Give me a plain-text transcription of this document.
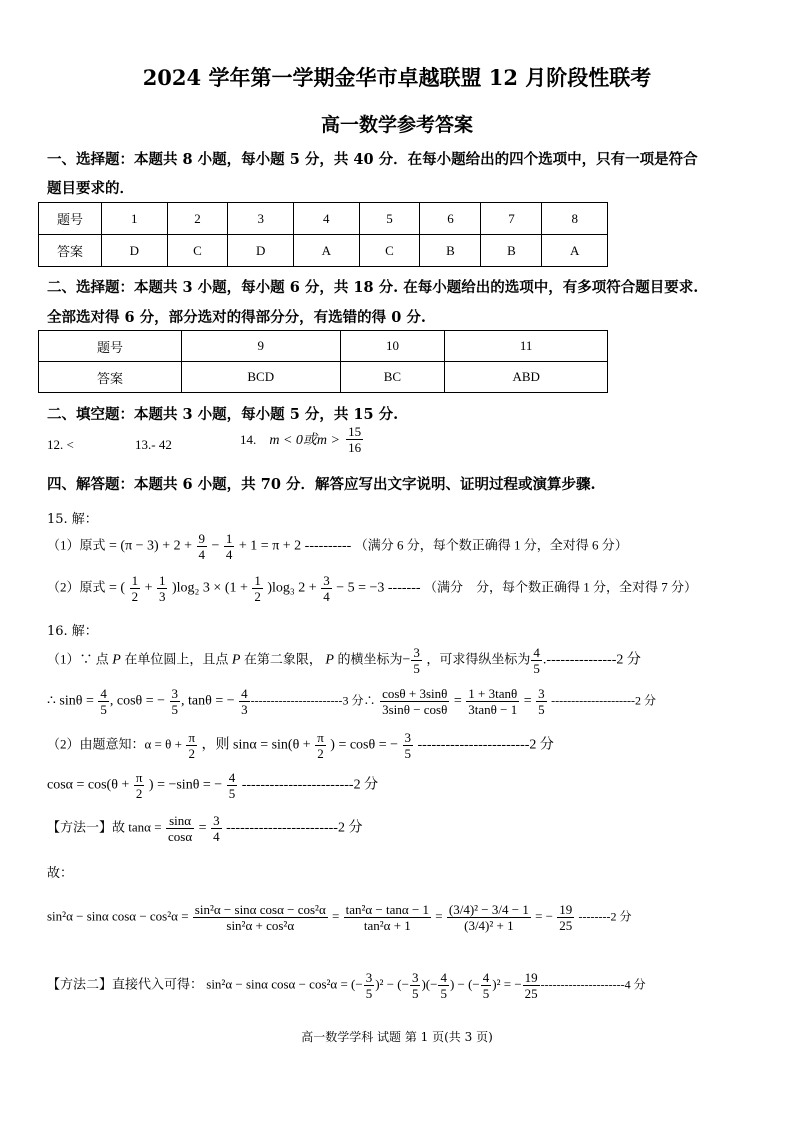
2024 学年第一学期金华市卓越联盟 12 月阶段性联考
高一数学参考答案
一、选择题：本题共 8 小题，每小题 5 分，共 40 分．在每小题给出的四个选项中，只有一项是符合
题目要求的．
题号	1	2	3	4	5	6	7	8
答案	D	C	D	A	C	B	B	A
二、选择题：本题共 3 小题，每小题 6 分，共 18 分. 在每小题给出的选项中，有多项符合题目要求.
全部选对得 6 分，部分选对的得部分分，有选错的得 0 分.
题号	9	10	11
答案	BCD	BC	ABD
二、填空题：本题共 3 小题，每小题 5 分，共 15 分.
12. <	13.- 42	14. m < 0或$m > \frac{15}{16}$
四、解答题：本题共 6 小题，共 70 分．解答应写出文字说明、证明过程或演算步骤.
15. 解：
（1）原式 = $(\pi - 3) + 2 + \frac{9}{4} - \frac{1}{4} + 1 = \pi + 2$ ---------- （满分 6 分，每个数正确得 1 分，全对得 6 分）
（2）原式 = ( $\frac{1}{2} + \frac{1}{3} )\log_2$ $3 \times (1 + \frac{1}{2} )\log_3$ $2 + \frac{3}{4} - 5 = -3$ ------- （满分　分，每个数正确得 1 分，全对得 7 分）
16. 解：
（1）∵ 点 P 在单位圆上，且点 P 在第二象限， P 的横坐标为− $\frac{3}{5}$ ，可求得纵坐标为 $\frac{4}{5} .---------------2$ 分
∴ $\sin\theta = \frac{4}{5}$ , cosθ = − $\frac{3}{5}$ , tanθ = − $\frac{4}{3} -----------------------3$ 分∴ $\frac{\cos\theta + 3\sin\theta}{3\sin\theta - \cos\theta} = \frac{1 + 3\tan\theta}{3\tan\theta - 1} = \frac{3}{5} ---------------------2$ 分
（2）由题意知：$\alpha = \theta + \frac{\pi}{2}$ ，则 $\sin\alpha = \sin(\theta + \frac{\pi}{2}$ ) = cosθ = − $\frac{3}{5} ------------------------2$ 分
$\cos\alpha = \cos(\theta + \frac{\pi}{2}$ ) = −sinθ = − $\frac{4}{5} ------------------------2$ 分
【方法一】故 $\tan\alpha = \frac{\sin\alpha}{\cos\alpha} = \frac{3}{4} ------------------------2$ 分
故：
sin²α − sinα $\cos\alpha - \cos^2\alpha = \frac{\text{sin²α − sinα cosα − cos²α}}{\text{sin²α + cos²α}} = \frac{\text{tan²α − tanα − 1}}{\text{tan²α + 1}} = \frac{\text{(3/4)² − 3/4 − 1}}{\text{(3/4)² + 1}}$ = − $\frac{19}{25} --------2$ 分
【方法二】直接代入可得： sin²α − sinα cosα − cos²α = (− $\frac{3}{5} )^2$ − (− $\frac{3}{5}$ )(− $\frac{4}{5}$ ) − (− $\frac{4}{5} )^2$ = − $\frac{19}{25} ---------------------4$ 分
高一数学学科 试题 第 1 页(共 3 页)
